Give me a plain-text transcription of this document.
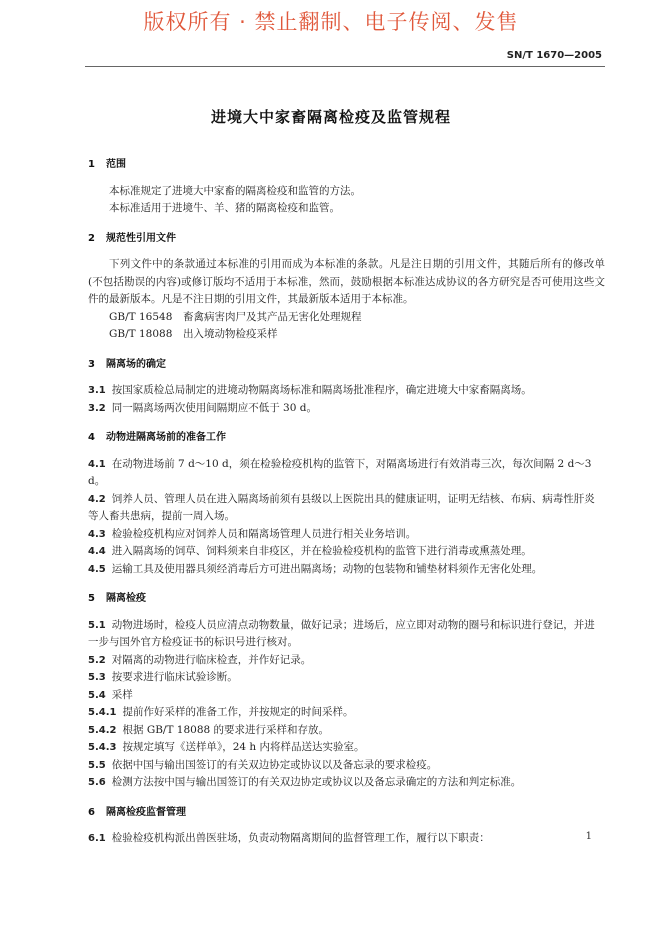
版权所有 · 禁止翻制、电子传阅、发售
SN/T 1670—2005
进境大中家畜隔离检疫及监管规程
1 范围
本标准规定了进境大中家畜的隔离检疫和监管的方法。
本标准适用于进境牛、羊、猪的隔离检疫和监管。
2 规范性引用文件
下列文件中的条款通过本标准的引用而成为本标准的条款。凡是注日期的引用文件，其随后所有的修改单(不包括勘误的内容)或修订版均不适用于本标准，然而，鼓励根据本标准达成协议的各方研究是否可使用这些文件的最新版本。凡是不注日期的引用文件，其最新版本适用于本标准。
GB/T 16548 畜禽病害肉尸及其产品无害化处理规程
GB/T 18088 出入境动物检疫采样
3 隔离场的确定
3.1 按国家质检总局制定的进境动物隔离场标准和隔离场批准程序，确定进境大中家畜隔离场。
3.2 同一隔离场两次使用间隔期应不低于 30 d。
4 动物进隔离场前的准备工作
4.1 在动物进场前 7 d～10 d，须在检验检疫机构的监管下，对隔离场进行有效消毒三次，每次间隔 2 d～3 d。
4.2 饲养人员、管理人员在进入隔离场前须有县级以上医院出具的健康证明，证明无结核、布病、病毒性肝炎等人畜共患病，提前一周入场。
4.3 检验检疫机构应对饲养人员和隔离场管理人员进行相关业务培训。
4.4 进入隔离场的饲草、饲料须来自非疫区，并在检验检疫机构的监管下进行消毒或熏蒸处理。
4.5 运输工具及使用器具须经消毒后方可进出隔离场；动物的包装物和铺垫材料须作无害化处理。
5 隔离检疫
5.1 动物进场时，检疫人员应清点动物数量，做好记录；进场后，应立即对动物的圈号和标识进行登记，并进一步与国外官方检疫证书的标识号进行核对。
5.2 对隔离的动物进行临床检查，并作好记录。
5.3 按要求进行临床试验诊断。
5.4 采样
5.4.1 提前作好采样的准备工作，并按规定的时间采样。
5.4.2 根据 GB/T 18088 的要求进行采样和存放。
5.4.3 按规定填写《送样单》，24 h 内将样品送达实验室。
5.5 依据中国与输出国签订的有关双边协定或协议以及备忘录的要求检疫。
5.6 检测方法按中国与输出国签订的有关双边协定或协议以及备忘录确定的方法和判定标准。
6 隔离检疫监督管理
6.1 检验检疫机构派出兽医驻场，负责动物隔离期间的监督管理工作，履行以下职责：	1
